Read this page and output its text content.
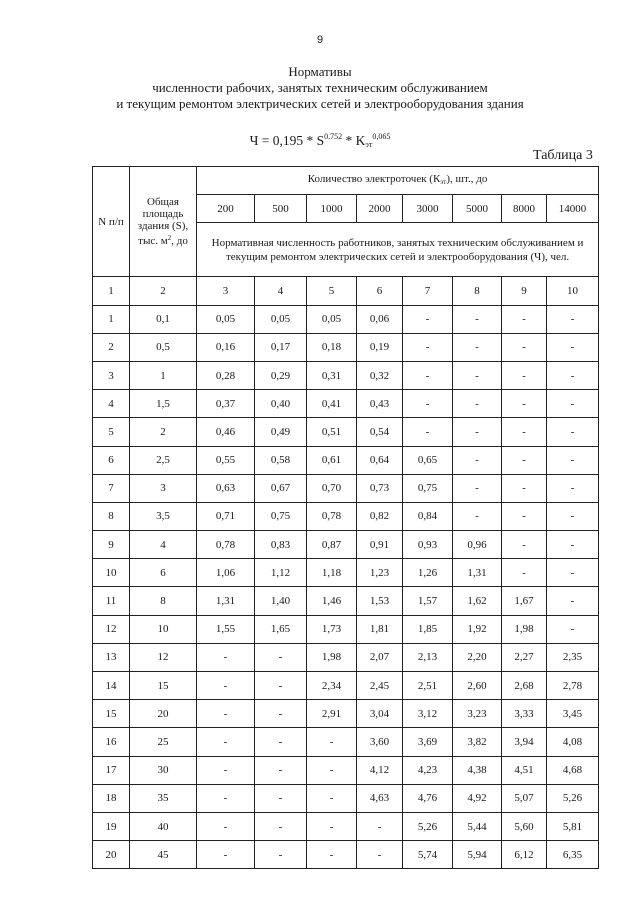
9
Нормативы
численности рабочих, занятых техническим обслуживанием
и текущим ремонтом электрических сетей и электрооборудования здания
$Ч = 0,195 * S^{0.752} * K_{эт}^{0,065}$
Таблица 3
N п/п	Общая
площадь
здания (S),
тыс. $м^2$, до	Количество электроточек $(К_{эт})$, шт., до							
		200	500	1000	2000	3000	5000	8000	14000
		Нормативная численность работников, занятых техническим обслуживанием и текущим ремонтом электрических сетей и электрооборудования (Ч), чел.							
1	2	3	4	5	6	7	8	9	10
1	0,1	0,05	0,05	0,05	0,06	-	-	-	-
2	0,5	0,16	0,17	0,18	0,19	-	-	-	-
3	1	0,28	0,29	0,31	0,32	-	-	-	-
4	1,5	0,37	0,40	0,41	0,43	-	-	-	-
5	2	0,46	0,49	0,51	0,54	-	-	-	-
6	2,5	0,55	0,58	0,61	0,64	0,65	-	-	-
7	3	0,63	0,67	0,70	0,73	0,75	-	-	-
8	3,5	0,71	0,75	0,78	0,82	0,84	-	-	-
9	4	0,78	0,83	0,87	0,91	0,93	0,96	-	-
10	6	1,06	1,12	1,18	1,23	1,26	1,31	-	-
11	8	1,31	1,40	1,46	1,53	1,57	1,62	1,67	-
12	10	1,55	1,65	1,73	1,81	1,85	1,92	1,98	-
13	12	-	-	1,98	2,07	2,13	2,20	2,27	2,35
14	15	-	-	2,34	2,45	2,51	2,60	2,68	2,78
15	20	-	-	2,91	3,04	3,12	3,23	3,33	3,45
16	25	-	-	-	3,60	3,69	3,82	3,94	4,08
17	30	-	-	-	4,12	4,23	4,38	4,51	4,68
18	35	-	-	-	4,63	4,76	4,92	5,07	5,26
19	40	-	-	-	-	5,26	5,44	5,60	5,81
20	45	-	-	-	-	5,74	5,94	6,12	6,35
